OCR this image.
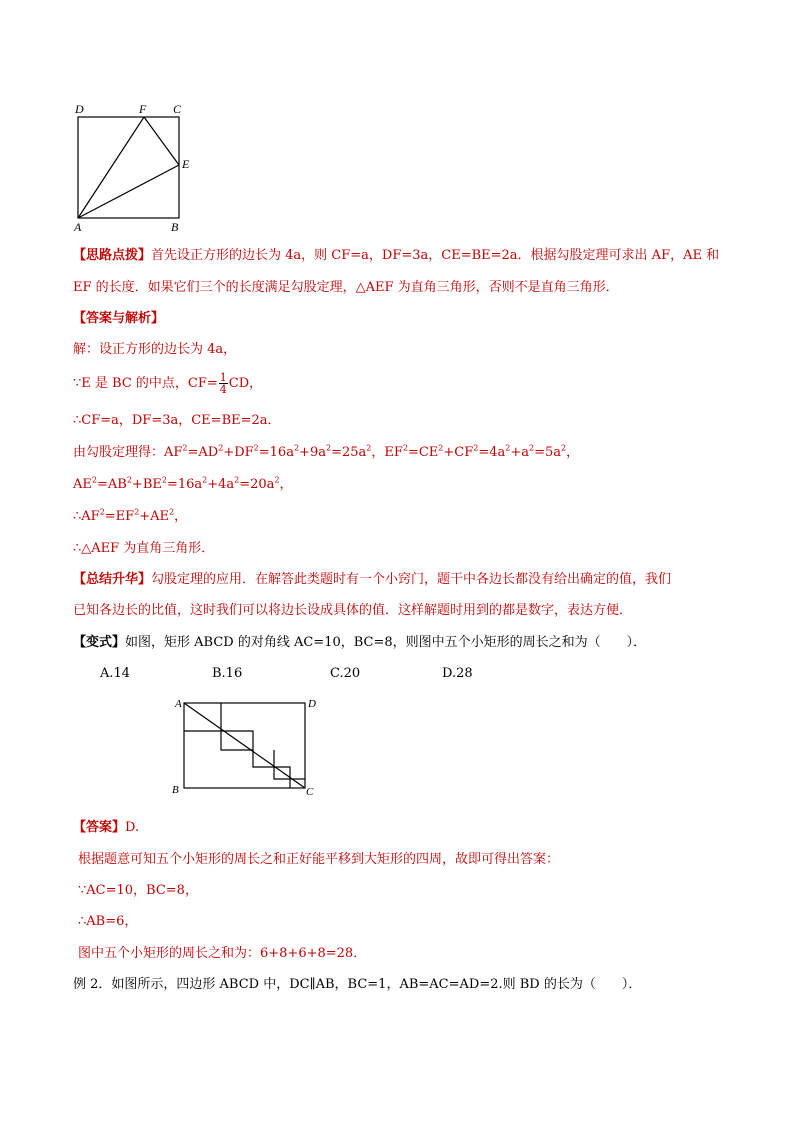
D	F C
E
A	B
【思路点拨】首先设正方形的边长为 4a，则 CF=a，DF=3a，CE=BE=2a．根据勾股定理可求出 AF，AE 和
EF 的长度．如果它们三个的长度满足勾股定理，△AEF 为直角三角形，否则不是直角三角形．
【答案与解析】
解：设正方形的边长为 4a，
∵E 是 BC 的中点，$CF= \frac{1}{4}$ CD，
∴CF=a，DF=3a，CE=BE=2a．
由勾股定理得：$AF^2=AD^2+DF^2=16a^2+9a^2=25a^2$，$EF^2=CE^2+CF^2=4a^2+a^2=5a^2$，
$AE^2=AB^2+BE^2=16a^2+4a^2=20a^2$，
$\therefore AF^2=EF^2+AE^2$，
∴△AEF 为直角三角形．
【总结升华】勾股定理的应用．在解答此类题时有一个小窍门，题干中各边长都没有给出确定的值，我们
已知各边长的比值，这时我们可以将边长设成具体的值．这样解题时用到的都是数字，表达方便．
【变式】如图，矩形 ABCD 的对角线 AC=10，BC=8，则图中五个小矩形的周长之和为（　　）．
A.14	B.16	C.20	D.28
A	D
B	C
【答案】D.
根据题意可知五个小矩形的周长之和正好能平移到大矩形的四周，故即可得出答案：
∵AC=10，BC=8，
∴AB=6，
图中五个小矩形的周长之和为：6+8+6+8=28．
例 2．如图所示，四边形 ABCD 中，DC∥AB，BC=1，AB=AC=AD=2.则 BD 的长为（　　）．
